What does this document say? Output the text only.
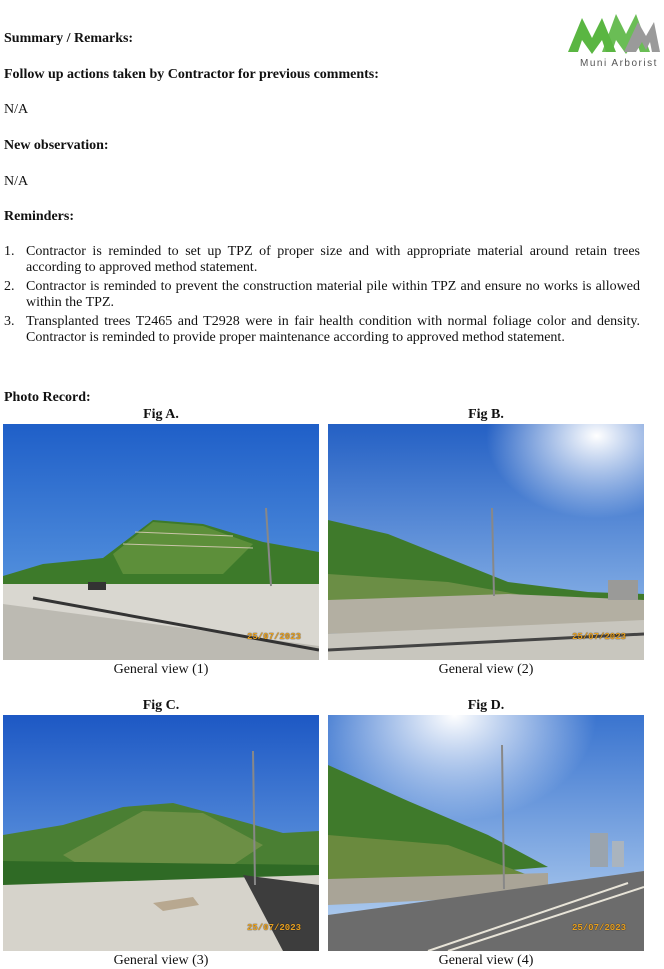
Muni Arborist
Summary / Remarks:
Follow up actions taken by Contractor for previous comments:
N/A
New observation:
N/A
Reminders:
1. Contractor is reminded to set up TPZ of proper size and with appropriate material around retain trees according to approved method statement.
2. Contractor is reminded to prevent the construction material pile within TPZ and ensure no works is allowed within the TPZ.
3. Transplanted trees T2465 and T2928 were in fair health condition with normal foliage color and density. Contractor is reminded to provide proper maintenance according to approved method statement.
Photo Record:
Fig A.
25/07/2023
General view (1)
Fig B.
25/07/2023
General view (2)
Fig C.
25/07/2023
General view (3)
Fig D.
25/07/2023
General view (4)
